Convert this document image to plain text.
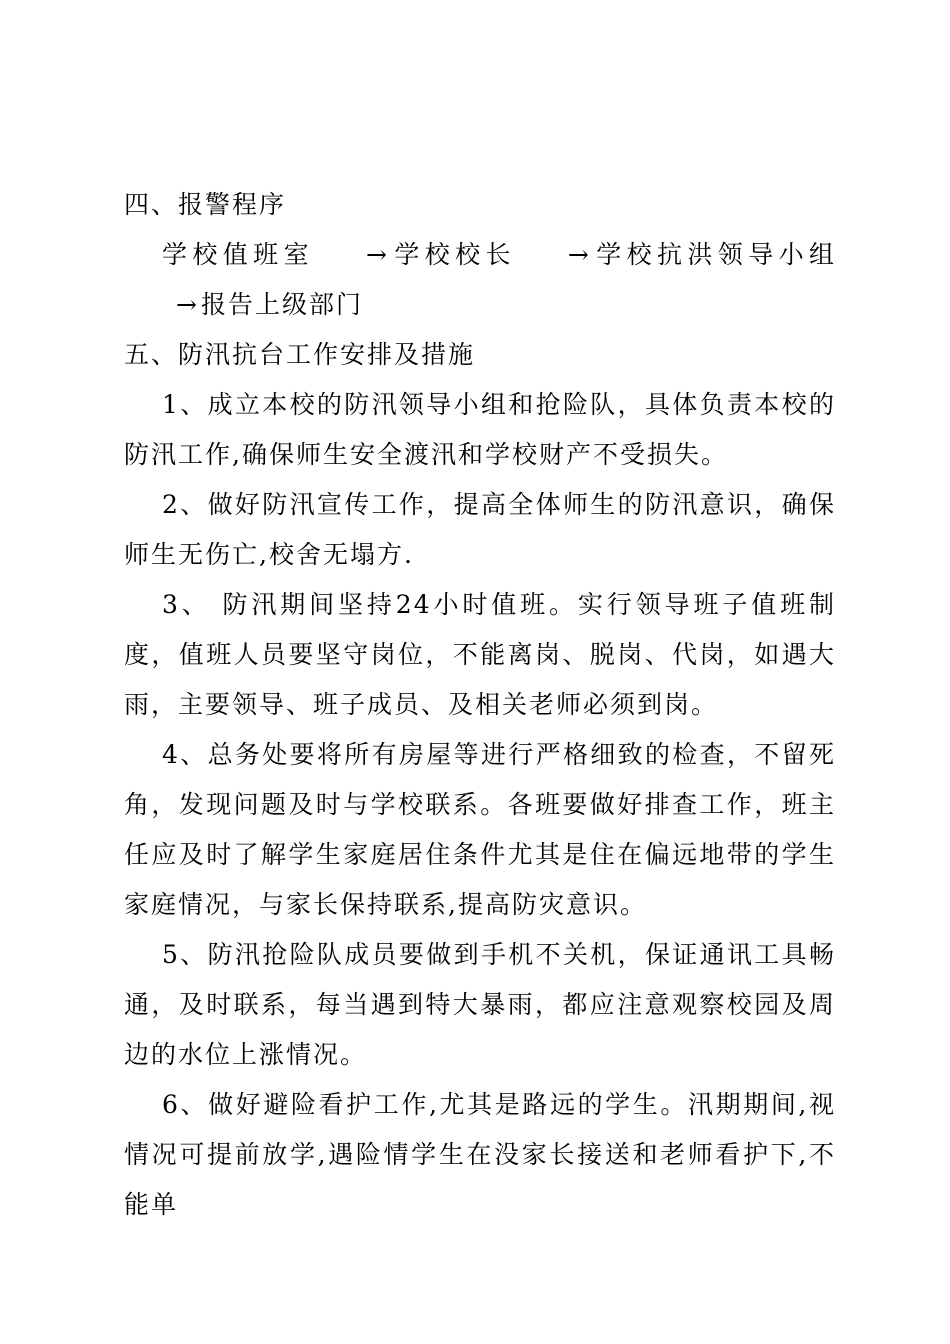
四、报警程序

学校值班室 →学校校长 →学校抗洪领导小组→报告上级部门

五、防汛抗台工作安排及措施

1、成立本校的防汛领导小组和抢险队，具体负责本校的防汛工作,确保师生安全渡汛和学校财产不受损失。

2、做好防汛宣传工作，提高全体师生的防汛意识，确保师生无伤亡,校舍无塌方.

3、 防汛期间坚持24小时值班。实行领导班子值班制度，值班人员要坚守岗位，不能离岗、脱岗、代岗，如遇大雨，主要领导、班子成员、及相关老师必须到岗。

4、总务处要将所有房屋等进行严格细致的检查，不留死角，发现问题及时与学校联系。各班要做好排查工作，班主任应及时了解学生家庭居住条件尤其是住在偏远地带的学生家庭情况，与家长保持联系,提高防灾意识。

5、防汛抢险队成员要做到手机不关机，保证通讯工具畅通，及时联系，每当遇到特大暴雨，都应注意观察校园及周边的水位上涨情况。

6、做好避险看护工作,尤其是路远的学生。汛期期间,视情况可提前放学,遇险情学生在没家长接送和老师看护下,不能单
